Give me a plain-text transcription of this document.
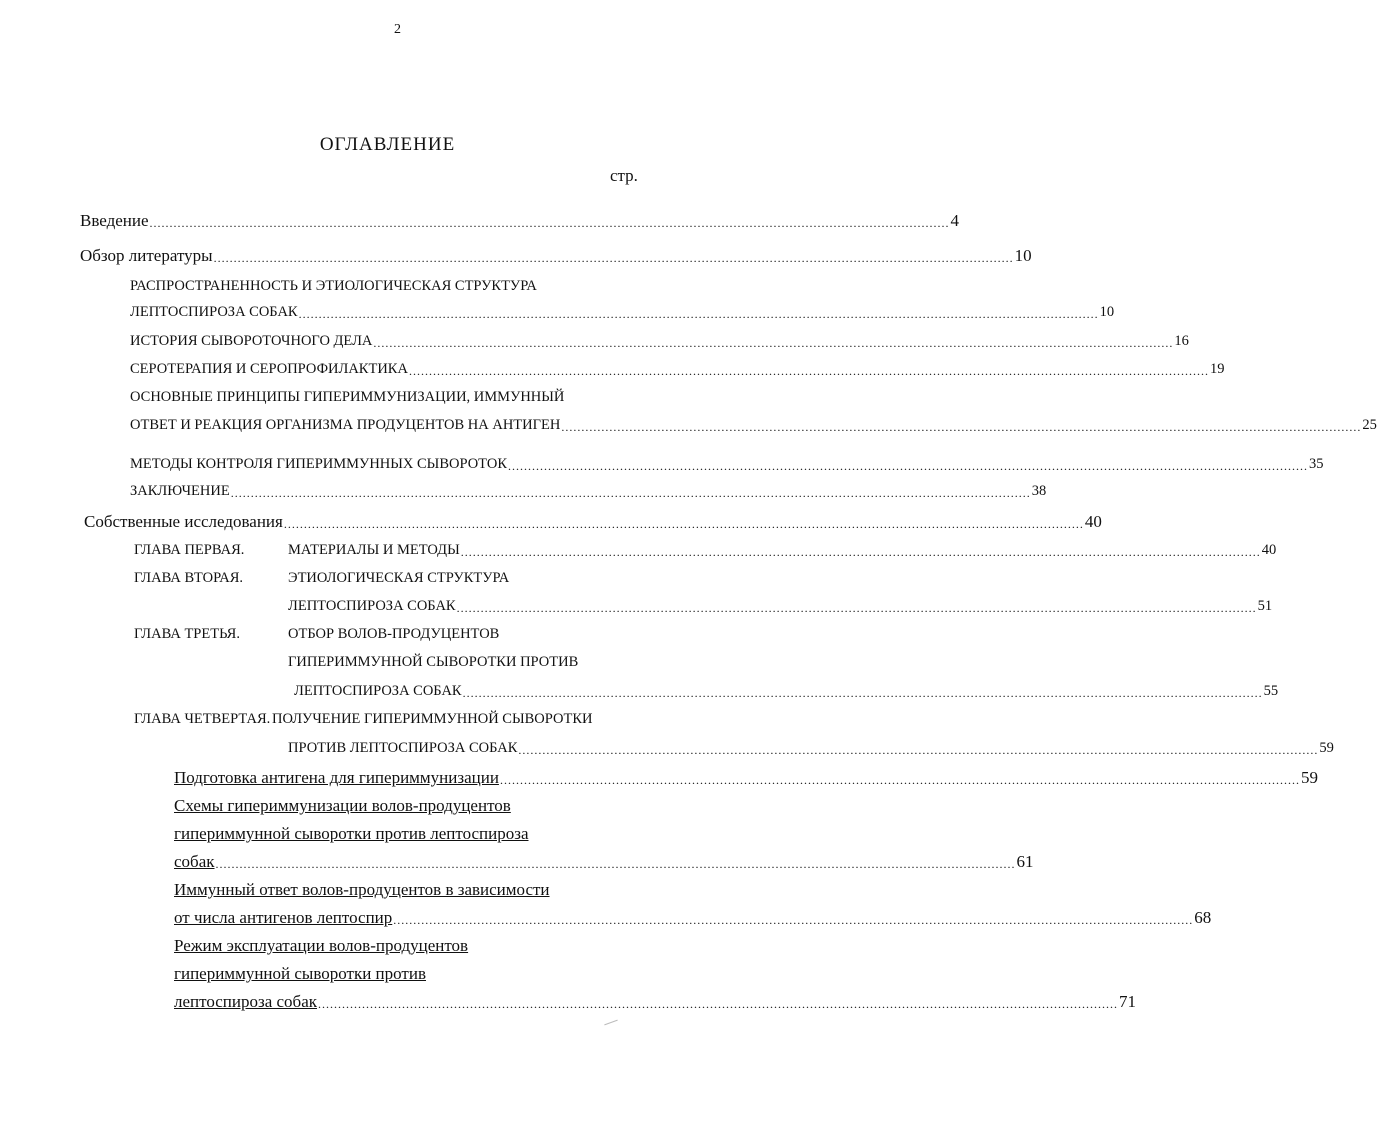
2
ОГЛАВЛЕНИЕ
стр.
Введение ........................................................................................................................................................................................................ 4
Обзор литературы ........................................................................................................................................................................................................ 10
РАСПРОСТРАНЕННОСТЬ И ЭТИОЛОГИЧЕСКАЯ СТРУКТУРА
ЛЕПТОСПИРОЗА СОБАК ........................................................................................................................................................................................................ 10
ИСТОРИЯ СЫВОРОТОЧНОГО ДЕЛА ........................................................................................................................................................................................................ 16
СЕРОТЕРАПИЯ И СЕРОПРОФИЛАКТИКА ........................................................................................................................................................................................................ 19
ОСНОВНЫЕ ПРИНЦИПЫ ГИПЕРИММУНИЗАЦИИ, ИММУННЫЙ
ОТВЕТ И РЕАКЦИЯ ОРГАНИЗМА ПРОДУЦЕНТОВ НА АНТИГЕН ........................................................................................................................................................................................................ 25
МЕТОДЫ КОНТРОЛЯ ГИПЕРИММУННЫХ СЫВОРОТОК ........................................................................................................................................................................................................ 35
ЗАКЛЮЧЕНИЕ ........................................................................................................................................................................................................ 38
Собственные исследования ........................................................................................................................................................................................................ 40
ГЛАВА ПЕРВАЯ.	МАТЕРИАЛЫ И МЕТОДЫ ........................................................................................................................................................................................................ 40
ГЛАВА ВТОРАЯ.	ЭТИОЛОГИЧЕСКАЯ СТРУКТУРА
ЛЕПТОСПИРОЗА СОБАК ........................................................................................................................................................................................................ 51
ГЛАВА ТРЕТЬЯ.	ОТБОР ВОЛОВ-ПРОДУЦЕНТОВ
ГИПЕРИММУННОЙ СЫВОРОТКИ ПРОТИВ
ЛЕПТОСПИРОЗА СОБАК ........................................................................................................................................................................................................ 55
ГЛАВА ЧЕТВЕРТАЯ. ПОЛУЧЕНИЕ ГИПЕРИММУННОЙ СЫВОРОТКИ
ПРОТИВ ЛЕПТОСПИРОЗА СОБАК ........................................................................................................................................................................................................ 59
Подготовка антигена для гипериммунизации ........................................................................................................................................................................................................ 59
Схемы гипериммунизации волов-продуцентов
гипериммунной сыворотки против лептоспироза
собак ........................................................................................................................................................................................................ 61
Иммунный ответ волов-продуцентов в зависимости
от числа антигенов лептоспир ........................................................................................................................................................................................................ 68
Режим эксплуатации волов-продуцентов
гипериммунной сыворотки против
лептоспироза собак ........................................................................................................................................................................................................ 71
